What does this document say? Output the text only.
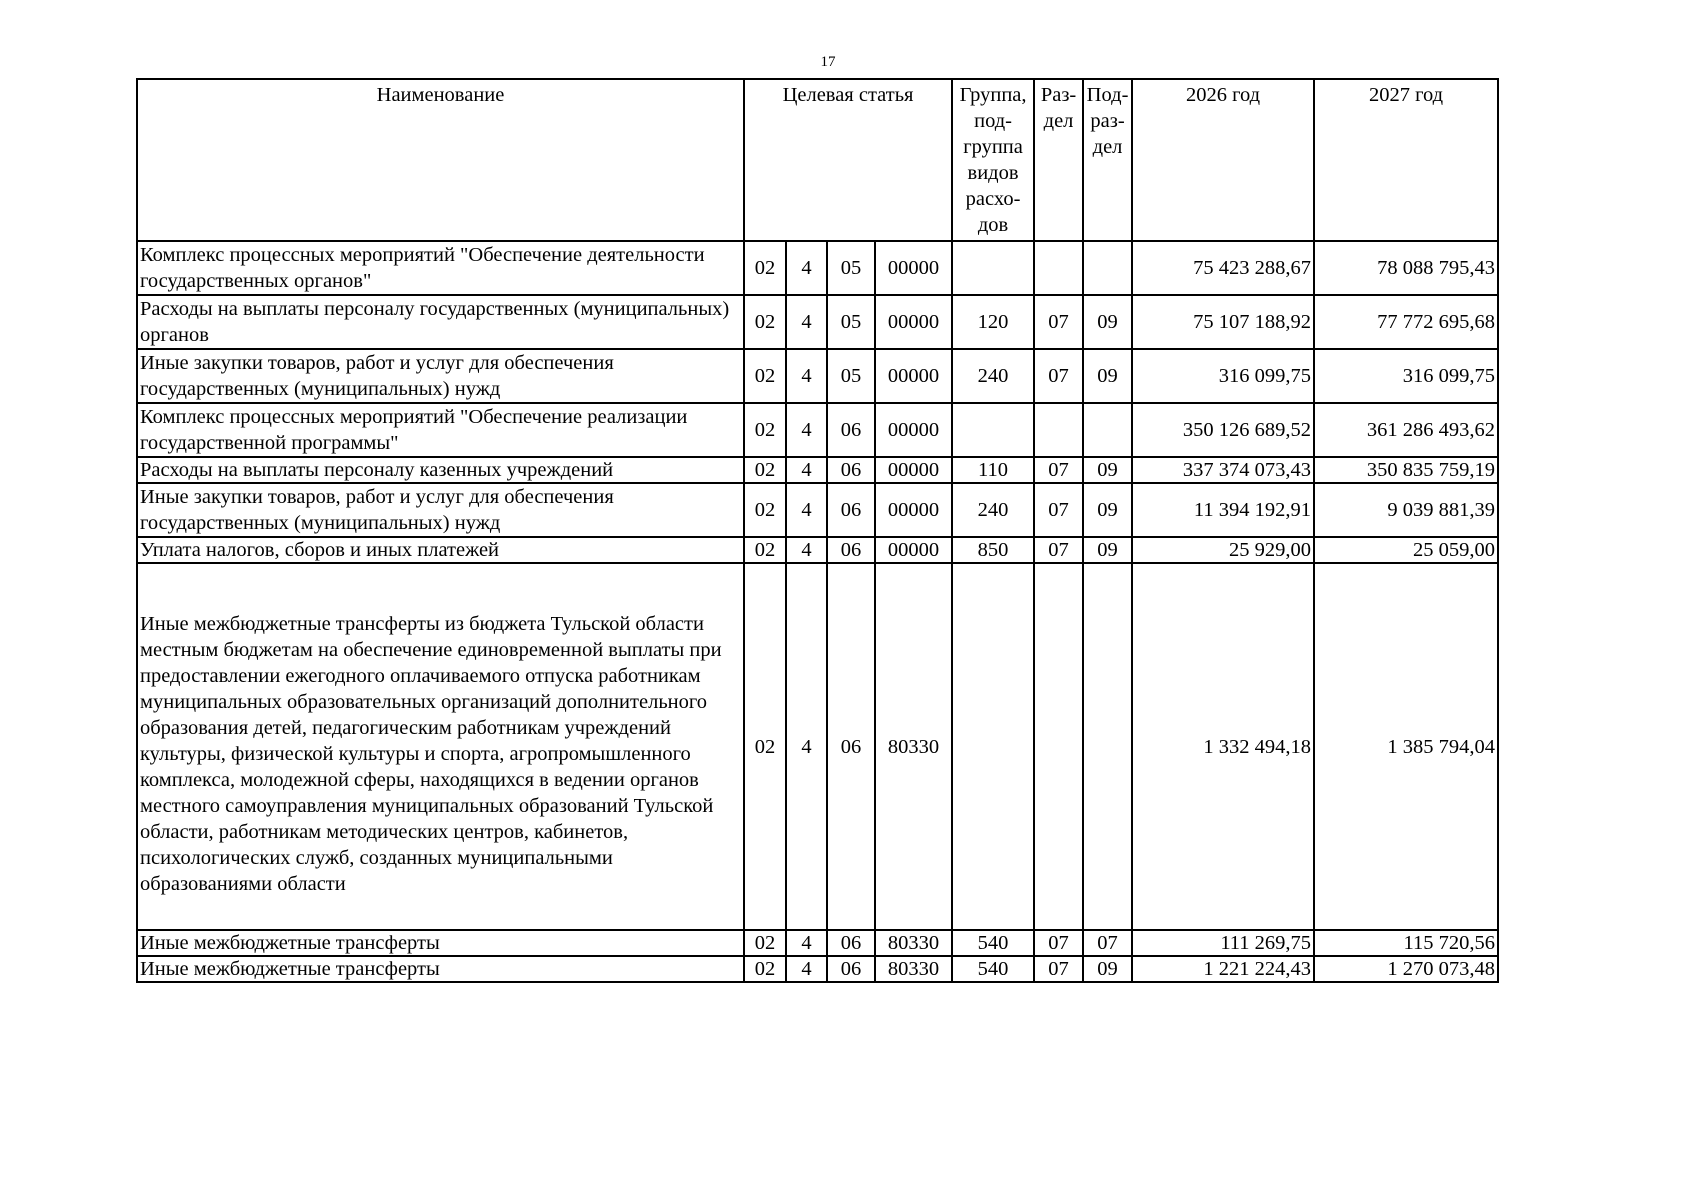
17
Наименование	Целевая статья				Группа, под-группа видов расхо-дов	Раз-дел	Под-раз-дел	2026 год	2027 год
Комплекс процессных мероприятий "Обеспечение деятельности государственных органов"	02	4	05	00000				75 423 288,67	78 088 795,43
Расходы на выплаты персоналу государственных (муниципальных) органов	02	4	05	00000	120	07	09	75 107 188,92	77 772 695,68
Иные закупки товаров, работ и услуг для обеспечения государственных (муниципальных) нужд	02	4	05	00000	240	07	09	316 099,75	316 099,75
Комплекс процессных мероприятий "Обеспечение реализации государственной программы"	02	4	06	00000				350 126 689,52	361 286 493,62
Расходы на выплаты персоналу казенных учреждений	02	4	06	00000	110	07	09	337 374 073,43	350 835 759,19
Иные закупки товаров, работ и услуг для обеспечения государственных (муниципальных) нужд	02	4	06	00000	240	07	09	11 394 192,91	9 039 881,39
Уплата налогов, сборов и иных платежей	02	4	06	00000	850	07	09	25 929,00	25 059,00
Иные межбюджетные трансферты из бюджета Тульской области местным бюджетам на обеспечение единовременной выплаты при предоставлении ежегодного оплачиваемого отпуска работникам муниципальных образовательных организаций дополнительного образования детей, педагогическим работникам учреждений культуры, физической культуры и спорта, агропромышленного комплекса, молодежной сферы, находящихся в ведении органов местного самоуправления муниципальных образований Тульской области, работникам методических центров, кабинетов, психологических служб, созданных муниципальными образованиями области	02	4	06	80330				1 332 494,18	1 385 794,04
Иные межбюджетные трансферты	02	4	06	80330	540	07	07	111 269,75	115 720,56
Иные межбюджетные трансферты	02	4	06	80330	540	07	09	1 221 224,43	1 270 073,48
